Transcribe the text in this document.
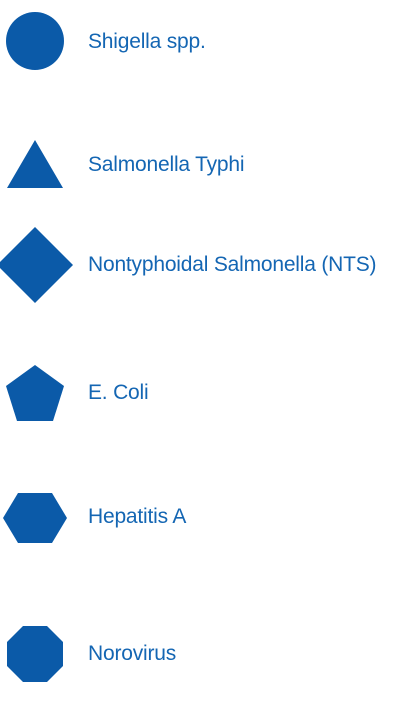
Shigella spp.
Salmonella Typhi
Nontyphoidal Salmonella (NTS)
E. Coli
Hepatitis A
Norovirus
